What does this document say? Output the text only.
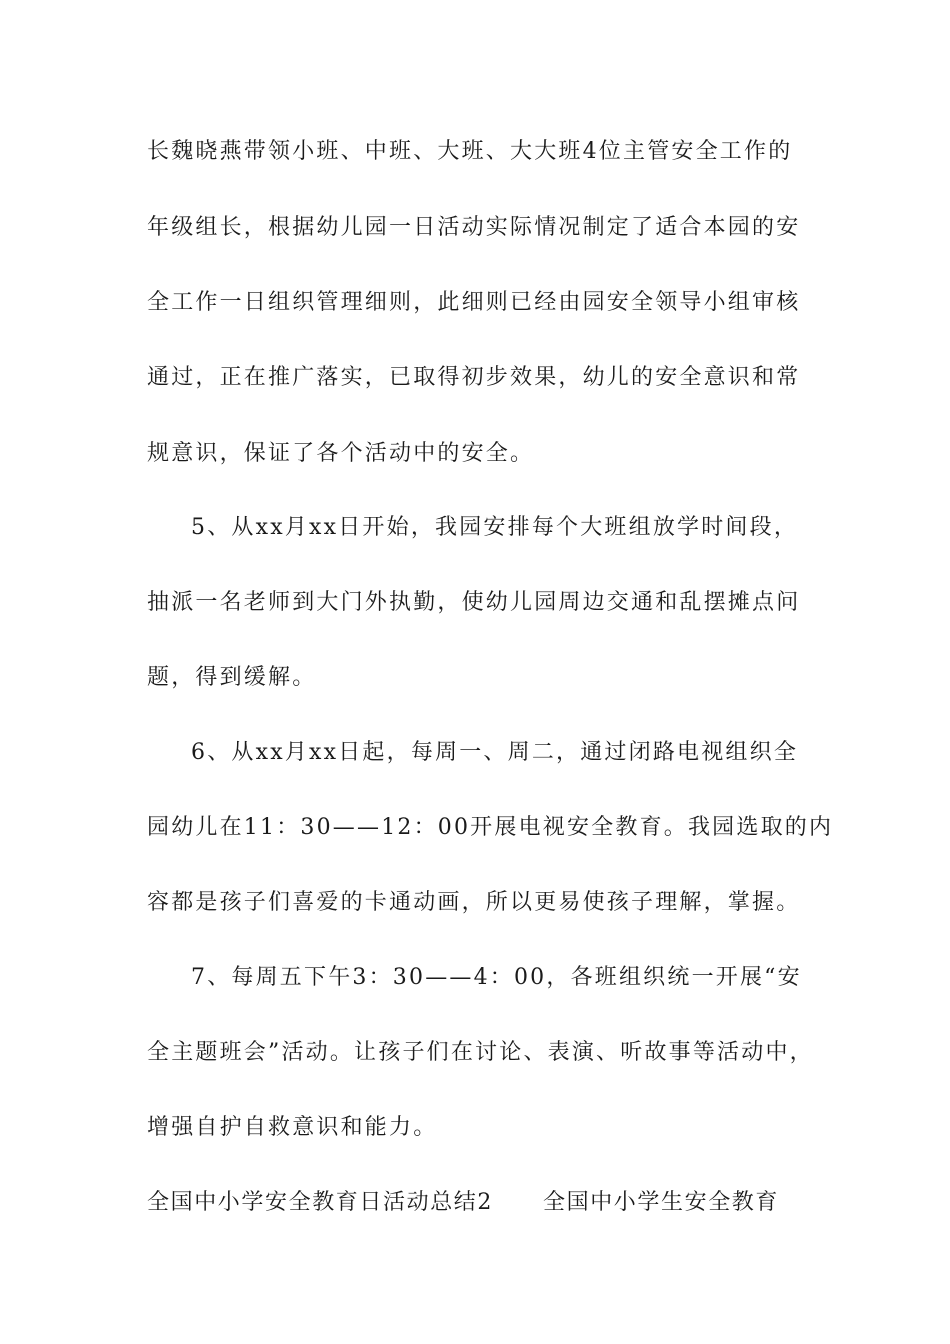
长魏晓燕带领小班、中班、大班、大大班4位主管安全工作的
年级组长，根据幼儿园一日活动实际情况制定了适合本园的安
全工作一日组织管理细则，此细则已经由园安全领导小组审核
通过，正在推广落实，已取得初步效果，幼儿的安全意识和常
规意识，保证了各个活动中的安全。
5、从xx月xx日开始，我园安排每个大班组放学时间段，
抽派一名老师到大门外执勤，使幼儿园周边交通和乱摆摊点问
题，得到缓解。
6、从xx月xx日起，每周一、周二，通过闭路电视组织全
园幼儿在11：30——12：00开展电视安全教育。我园选取的内
容都是孩子们喜爱的卡通动画，所以更易使孩子理解，掌握。
7、每周五下午3：30——4：00，各班组织统一开展“安
全主题班会”活动。让孩子们在讨论、表演、听故事等活动中，
增强自护自救意识和能力。
全国中小学安全教育日活动总结2 全国中小学生安全教育
